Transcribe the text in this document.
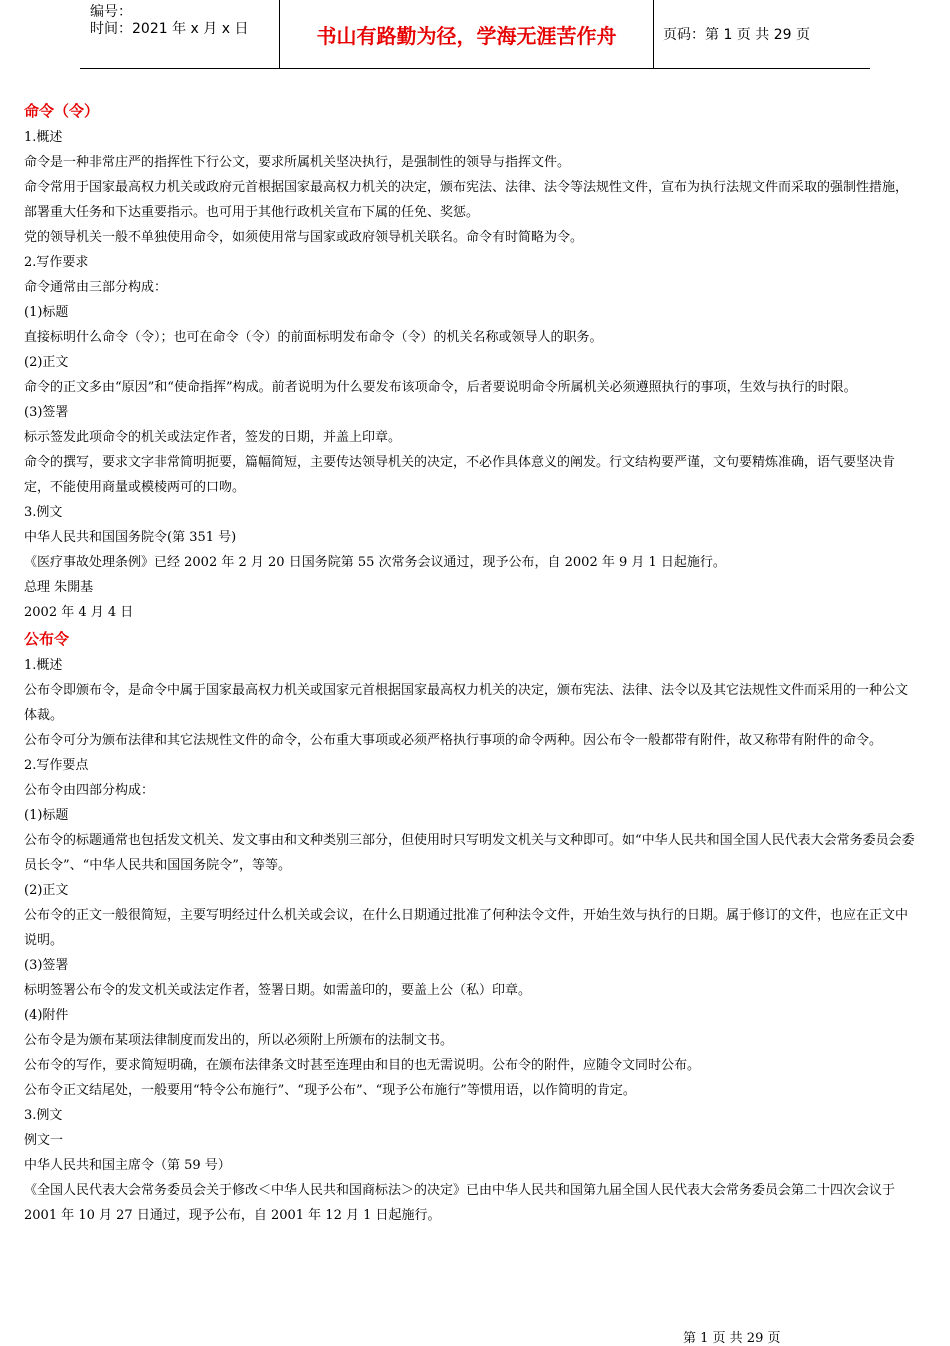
编号：
时间：2021 年 x 月 x 日	书山有路勤为径，学海无涯苦作舟	页码：第 1 页 共 29 页
命令（令）

1.概述

命令是一种非常庄严的指挥性下行公文，要求所属机关坚决执行，是强制性的领导与指挥文件。

命令常用于国家最高权力机关或政府元首根据国家最高权力机关的决定，颁布宪法、法律、法令等法规性文件，宣布为执行法规文件而采取的强制性措施，部署重大任务和下达重要指示。也可用于其他行政机关宣布下属的任免、奖惩。

党的领导机关一般不单独使用命令，如须使用常与国家或政府领导机关联名。命令有时简略为令。

2.写作要求

命令通常由三部分构成：

(1)标题

直接标明什么命令（令）；也可在命令（令）的前面标明发布命令（令）的机关名称或领导人的职务。

(2)正文

命令的正文多由“原因”和“使命指挥”构成。前者说明为什么要发布该项命令，后者要说明命令所属机关必须遵照执行的事项，生效与执行的时限。

(3)签署

标示签发此项命令的机关或法定作者，签发的日期，并盖上印章。

命令的撰写，要求文字非常简明扼要，篇幅简短，主要传达领导机关的决定，不必作具体意义的阐发。行文结构要严谨，文句要精炼准确，语气要坚决肯定，不能使用商量或模棱两可的口吻。

3.例文

中华人民共和国国务院令(第 351 号)

《医疗事故处理条例》已经 2002 年 2 月 20 日国务院第 55 次常务会议通过，现予公布，自 2002 年 9 月 1 日起施行。

总理 朱開基

2002 年 4 月 4 日

公布令

1.概述

公布令即颁布令，是命令中属于国家最高权力机关或国家元首根据国家最高权力机关的决定，颁布宪法、法律、法令以及其它法规性文件而采用的一种公文体裁。

公布令可分为颁布法律和其它法规性文件的命令，公布重大事项或必须严格执行事项的命令两种。因公布令一般都带有附件，故又称带有附件的命令。

2.写作要点

公布令由四部分构成：

(1)标题

公布令的标题通常也包括发文机关、发文事由和文种类别三部分，但使用时只写明发文机关与文种即可。如“中华人民共和国全国人民代表大会常务委员会委员长令”、“中华人民共和国国务院令”，等等。

(2)正文

公布令的正文一般很简短，主要写明经过什么机关或会议，在什么日期通过批准了何种法令文件，开始生效与执行的日期。属于修订的文件，也应在正文中说明。

(3)签署

标明签署公布令的发文机关或法定作者，签署日期。如需盖印的，要盖上公（私）印章。

(4)附件

公布令是为颁布某项法律制度而发出的，所以必须附上所颁布的法制文书。

公布令的写作，要求简短明确，在颁布法律条文时甚至连理由和目的也无需说明。公布令的附件，应随令文同时公布。

公布令正文结尾处，一般要用“特令公布施行”、“现予公布”、“现予公布施行”等惯用语，以作简明的肯定。

3.例文

例文一

中华人民共和国主席令（第 59 号）

《全国人民代表大会常务委员会关于修改＜中华人民共和国商标法＞的决定》已由中华人民共和国第九届全国人民代表大会常务委员会第二十四次会议于 2001 年 10 月 27 日通过，现予公布，自 2001 年 12 月 1 日起施行。

第 1 页 共 29 页
